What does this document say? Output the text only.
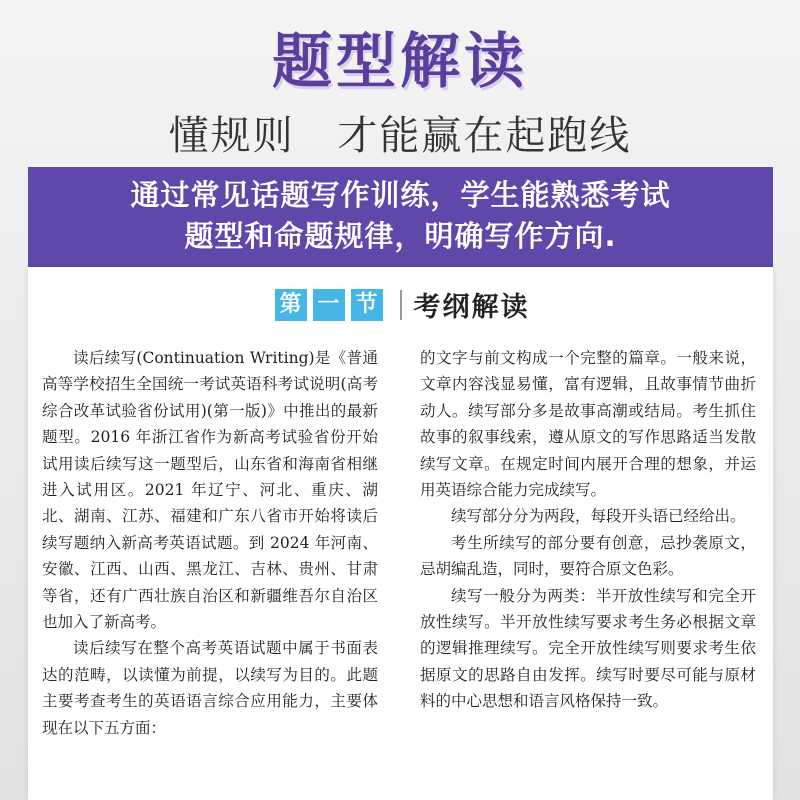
题型解读
懂规则 才能赢在起跑线
通过常见话题写作训练，学生能熟悉考试
题型和命题规律，明确写作方向.
第 一 节 考纲解读

读后续写(Continuation Writing)是《普通高等学校招生全国统一考试英语科考试说明(高考综合改革试验省份试用)(第一版)》中推出的最新题型。2016 年浙江省作为新高考试验省份开始试用读后续写这一题型后，山东省和海南省相继进入试用区。2021 年辽宁、河北、重庆、湖北、湖南、江苏、福建和广东八省市开始将读后续写题纳入新高考英语试题。到 2024 年河南、安徽、江西、山西、黑龙江、吉林、贵州、甘肃等省，还有广西壮族自治区和新疆维吾尔自治区也加入了新高考。

读后续写在整个高考英语试题中属于书面表达的范畴，以读懂为前提，以续写为目的。此题主要考查考生的英语语言综合应用能力，主要体现在以下五方面：

的文字与前文构成一个完整的篇章。一般来说，文章内容浅显易懂，富有逻辑，且故事情节曲折动人。续写部分多是故事高潮或结局。考生抓住故事的叙事线索，遵从原文的写作思路适当发散续写文章。在规定时间内展开合理的想象，并运用英语综合能力完成续写。

续写部分分为两段，每段开头语已经给出。

考生所续写的部分要有创意，忌抄袭原文，忌胡编乱造，同时，要符合原文色彩。

续写一般分为两类：半开放性续写和完全开放性续写。半开放性续写要求考生务必根据文章的逻辑推理续写。完全开放性续写则要求考生依据原文的思路自由发挥。续写时要尽可能与原材料的中心思想和语言风格保持一致。
